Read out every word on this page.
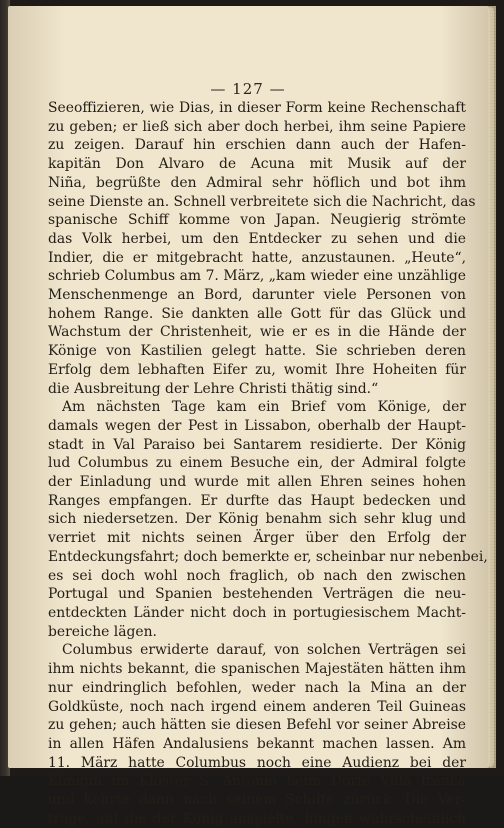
— 127 —
Seeoffizieren, wie Dias, in dieser Form keine Rechenschaft
zu geben; er ließ sich aber doch herbei, ihm seine Papiere
zu zeigen. Darauf hin erschien dann auch der Hafen-
kapitän Don Alvaro de Acuna mit Musik auf der
Niña, begrüßte den Admiral sehr höflich und bot ihm
seine Dienste an. Schnell verbreitete sich die Nachricht, das
spanische Schiff komme von Japan. Neugierig strömte
das Volk herbei, um den Entdecker zu sehen und die
Indier, die er mitgebracht hatte, anzustaunen. „Heute“,
schrieb Columbus am 7. März, „kam wieder eine unzählige
Menschenmenge an Bord, darunter viele Personen von
hohem Range. Sie dankten alle Gott für das Glück und
Wachstum der Christenheit, wie er es in die Hände der
Könige von Kastilien gelegt hatte. Sie schrieben deren
Erfolg dem lebhaften Eifer zu, womit Ihre Hoheiten für
die Ausbreitung der Lehre Christi thätig sind.“
Am nächsten Tage kam ein Brief vom Könige, der
damals wegen der Pest in Lissabon, oberhalb der Haupt-
stadt in Val Paraiso bei Santarem residierte. Der König
lud Columbus zu einem Besuche ein, der Admiral folgte
der Einladung und wurde mit allen Ehren seines hohen
Ranges empfangen. Er durfte das Haupt bedecken und
sich niedersetzen. Der König benahm sich sehr klug und
verriet mit nichts seinen Ärger über den Erfolg der
Entdeckungsfahrt; doch bemerkte er, scheinbar nur nebenbei,
es sei doch wohl noch fraglich, ob nach den zwischen
Portugal und Spanien bestehenden Verträgen die neu-
entdeckten Länder nicht doch in portugiesischem Macht-
bereiche lägen.
Columbus erwiderte darauf, von solchen Verträgen sei
ihm nichts bekannt, die spanischen Majestäten hätten ihm
nur eindringlich befohlen, weder nach la Mina an der
Goldküste, noch nach irgend einem anderen Teil Guineas
zu gehen; auch hätten sie diesen Befehl vor seiner Abreise
in allen Häfen Andalusiens bekannt machen lassen. Am
11. März hatte Columbus noch eine Audienz bei der
Königin im Kloster S. Antonio beim Dorfe Villa franca
und kehrte dann nach seinem Schiffe zurück. Die Ver-
träge, auf die der König anspielte, hingen wahrscheinlich
